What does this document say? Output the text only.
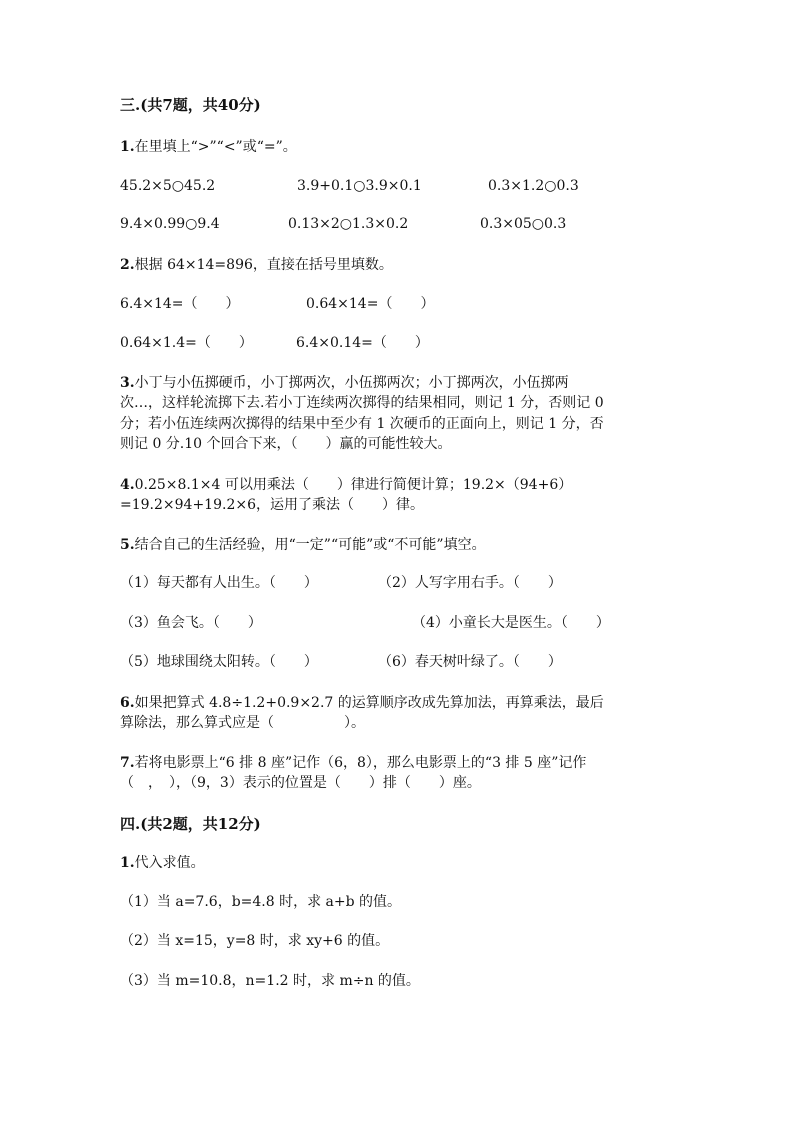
三.(共7题，共40分)
1.在里填上“>”“<”或“=”。
45.2×5○45.2	3.9+0.1○3.9×0.1	0.3×1.2○0.3
9.4×0.99○9.4	0.13×2○1.3×0.2	0.3×05○0.3
2.根据 64×14=896，直接在括号里填数。
6.4×14=（　　）	0.64×14=（　　）
0.64×1.4=（　　）	6.4×0.14=（　　）
3.小丁与小伍掷硬币，小丁掷两次，小伍掷两次；小丁掷两次，小伍掷两
次…，这样轮流掷下去.若小丁连续两次掷得的结果相同，则记 1 分，否则记 0
分；若小伍连续两次掷得的结果中至少有 1 次硬币的正面向上，则记 1 分，否
则记 0 分.10 个回合下来，（　　）赢的可能性较大。
4.0.25×8.1×4 可以用乘法（　　）律进行简便计算；19.2×（94+6）
=19.2×94+19.2×6，运用了乘法（　　）律。
5.结合自己的生活经验，用“一定”“可能”或“不可能”填空。
（1）每天都有人出生。（　　）	（2）人写字用右手。（　　）
（3）鱼会飞。（　　）	（4）小童长大是医生。（　　）
（5）地球围绕太阳转。（　　）	（6）春天树叶绿了。（　　）
6.如果把算式 4.8÷1.2+0.9×2.7 的运算顺序改成先算加法，再算乘法，最后
算除法，那么算式应是（　　　　　）。
7.若将电影票上“6 排 8 座”记作（6，8），那么电影票上的“3 排 5 座”记作
（　，　），（9，3）表示的位置是（　　）排（　　）座。
四.(共2题，共12分)
1.代入求值。
（1）当 a=7.6，b=4.8 时，求 a+b 的值。
（2）当 x=15，y=8 时，求 xy+6 的值。
（3）当 m=10.8，n=1.2 时，求 m÷n 的值。
